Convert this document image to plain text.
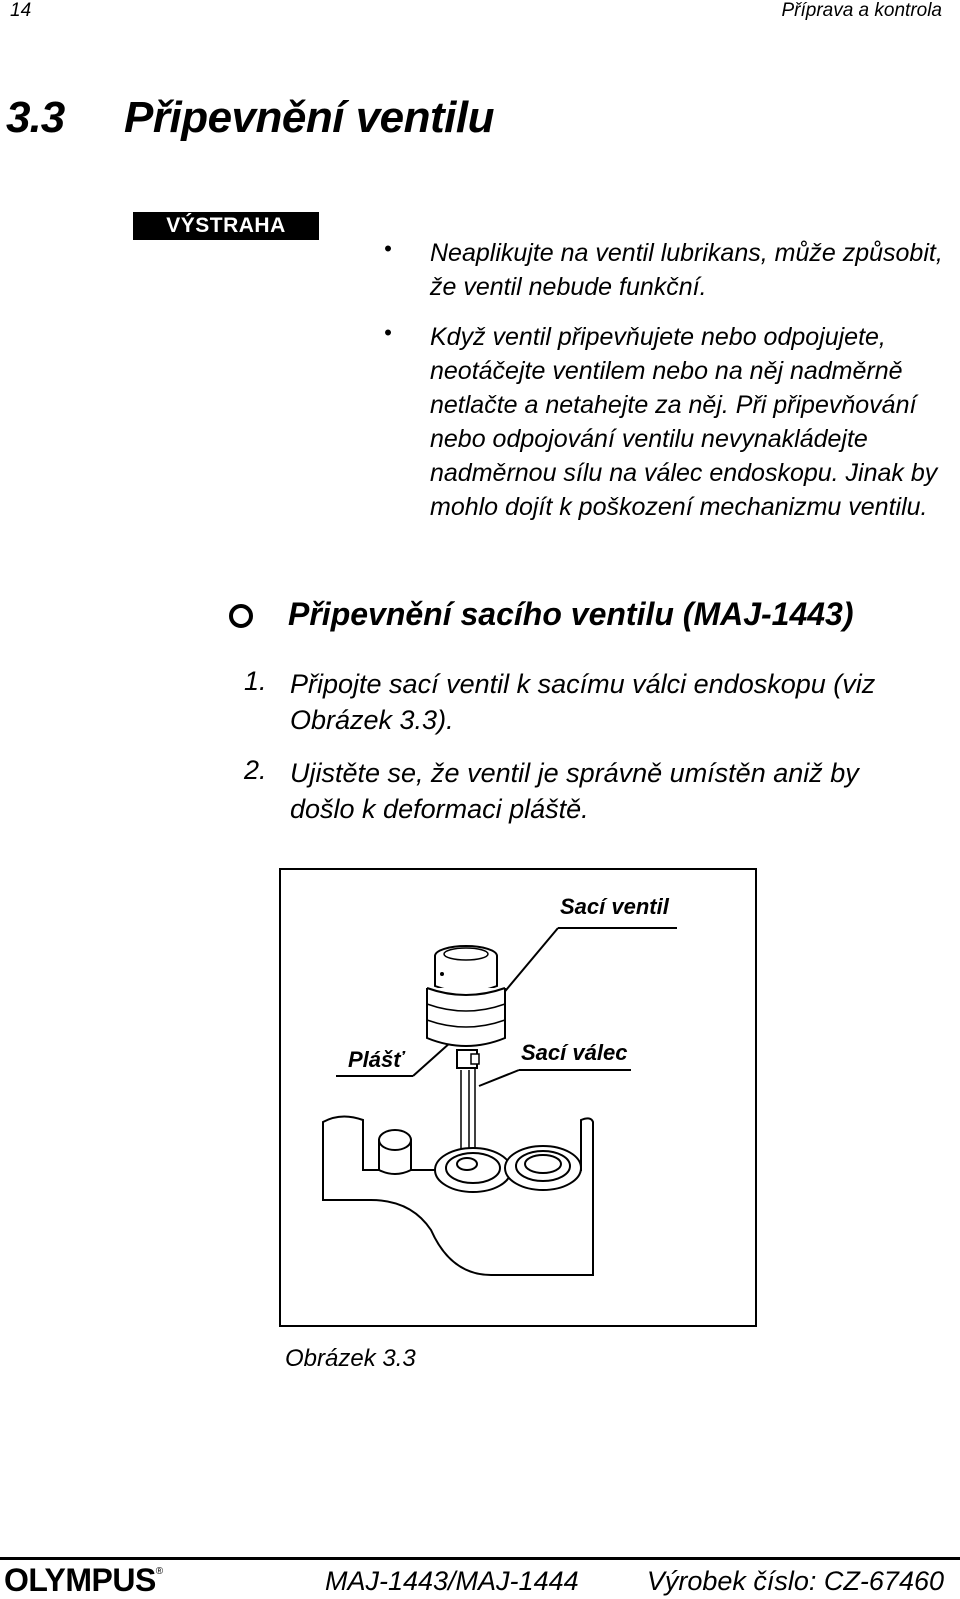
14	Příprava a kontrola
3.3 Připevnění ventilu
VÝSTRAHA
• Neaplikujte na ventil lubrikans, může způsobit, že ventil nebude funkční.
• Když ventil připevňujete nebo odpojujete, neotáčejte ventilem nebo na něj nadměrně netlačte a netahejte za něj. Při připevňování nebo odpojování ventilu nevynakládejte nadměrnou sílu na válec endoskopu. Jinak by mohlo dojít k poškození mechanizmu ventilu.
Připevnění sacího ventilu (MAJ-1443)
1. Připojte sací ventil k sacímu válci endoskopu (viz Obrázek 3.3).
2. Ujistěte se, že ventil je správně umístěn aniž by došlo k deformaci pláště.
Sací ventil
Plášť	Sací válec
Obrázek 3.3
OLYMPUS®	MAJ-1443/MAJ-1444	Výrobek číslo: CZ-67460
